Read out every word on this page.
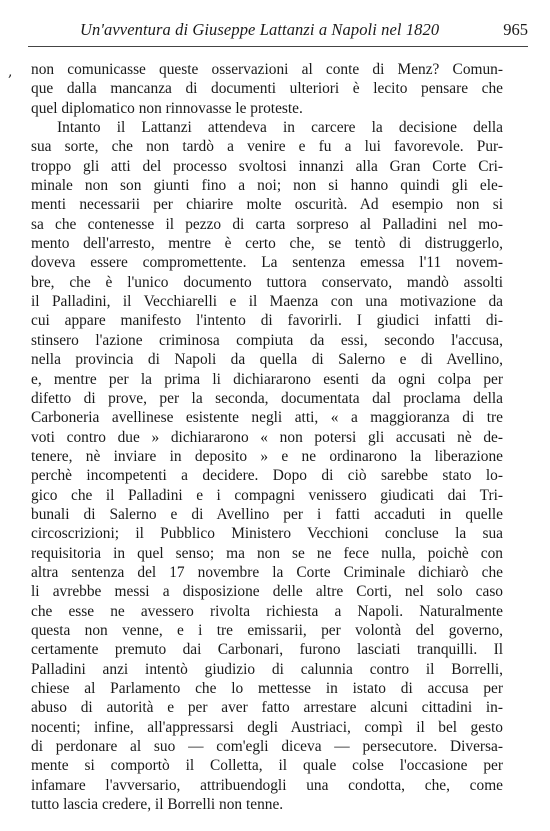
Un'avventura di Giuseppe Lattanzi a Napoli nel 1820	965
, non comunicasse queste osservazioni al conte di Menz? Comun-
que dalla mancanza di documenti ulteriori è lecito pensare che
quel diplomatico non rinnovasse le proteste.
Intanto il Lattanzi attendeva in carcere la decisione della
sua sorte, che non tardò a venire e fu a lui favorevole. Pur-
troppo gli atti del processo svoltosi innanzi alla Gran Corte Cri-
minale non son giunti fino a noi; non si hanno quindi gli ele-
menti necessarii per chiarire molte oscurità. Ad esempio non si
sa che contenesse il pezzo di carta sorpreso al Palladini nel mo-
mento dell'arresto, mentre è certo che, se tentò di distruggerlo,
doveva essere compromettente. La sentenza emessa l'11 novem-
bre, che è l'unico documento tuttora conservato, mandò assolti
il Palladini, il Vecchiarelli e il Maenza con una motivazione da
cui appare manifesto l'intento di favorirli. I giudici infatti di-
stinsero l'azione criminosa compiuta da essi, secondo l'accusa,
nella provincia di Napoli da quella di Salerno e di Avellino,
e, mentre per la prima li dichiararono esenti da ogni colpa per
difetto di prove, per la seconda, documentata dal proclama della
Carboneria avellinese esistente negli atti, « a maggioranza di tre
voti contro due » dichiararono « non potersi gli accusati nè de-
tenere, nè inviare in deposito » e ne ordinarono la liberazione
perchè incompetenti a decidere. Dopo di ciò sarebbe stato lo-
gico che il Palladini e i compagni venissero giudicati dai Tri-
bunali di Salerno e di Avellino per i fatti accaduti in quelle
circoscrizioni; il Pubblico Ministero Vecchioni concluse la sua
requisitoria in quel senso; ma non se ne fece nulla, poichè con
altra sentenza del 17 novembre la Corte Criminale dichiarò che
li avrebbe messi a disposizione delle altre Corti, nel solo caso
che esse ne avessero rivolta richiesta a Napoli. Naturalmente
questa non venne, e i tre emissarii, per volontà del governo,
certamente premuto dai Carbonari, furono lasciati tranquilli. Il
Palladini anzi intentò giudizio di calunnia contro il Borrelli,
chiese al Parlamento che lo mettesse in istato di accusa per
abuso di autorità e per aver fatto arrestare alcuni cittadini in-
nocenti; infine, all'appressarsi degli Austriaci, compì il bel gesto
di perdonare al suo — com'egli diceva — persecutore. Diversa-
mente si comportò il Colletta, il quale colse l'occasione per
infamare l'avversario, attribuendogli una condotta, che, come
tutto lascia credere, il Borrelli non tenne.
